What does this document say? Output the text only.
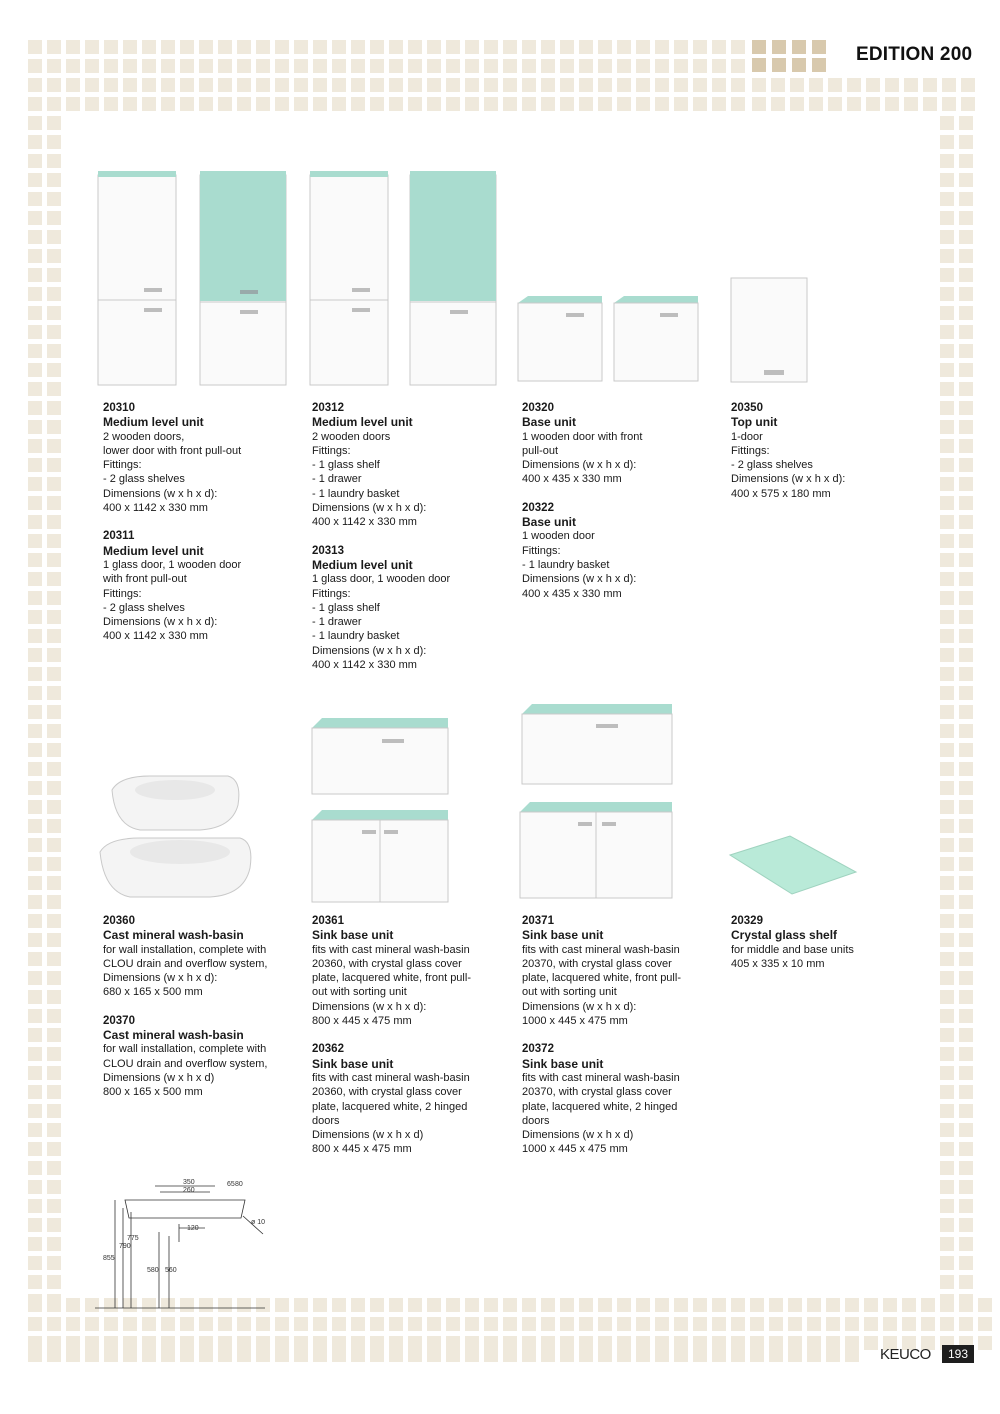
EDITION 200
20310
Medium level unit
2 wooden doors,
lower door with front pull-out
Fittings:
- 2 glass shelves
Dimensions (w x h x d):
400 x 1142 x 330 mm
20311
Medium level unit
1 glass door, 1 wooden door
with front pull-out
Fittings:
- 2 glass shelves
Dimensions (w x h x d):
400 x 1142 x 330 mm
20312
Medium level unit
2 wooden doors
Fittings:
- 1 glass shelf
- 1 drawer
- 1 laundry basket
Dimensions (w x h x d):
400 x 1142 x 330 mm
20313
Medium level unit
1 glass door, 1 wooden door
Fittings:
- 1 glass shelf
- 1 drawer
- 1 laundry basket
Dimensions (w x h x d):
400 x 1142 x 330 mm
20320
Base unit
1 wooden door with front
pull-out
Dimensions (w x h x d):
400 x 435 x 330 mm
20322
Base unit
1 wooden door
Fittings:
- 1 laundry basket
Dimensions (w x h x d):
400 x 435 x 330 mm
20350
Top unit
1-door
Fittings:
- 2 glass shelves
Dimensions (w x h x d):
400 x 575 x 180 mm
20360
Cast mineral wash-basin
for wall installation, complete with
CLOU drain and overflow system,
Dimensions (w x h x d):
680 x 165 x 500 mm
20370
Cast mineral wash-basin
for wall installation, complete with
CLOU drain and overflow system,
Dimensions (w x h x d)
800 x 165 x 500 mm
20361
Sink base unit
fits with cast mineral wash-basin
20360, with crystal glass cover
plate, lacquered white, front pull-
out with sorting unit
Dimensions (w x h x d):
800 x 445 x 475 mm
20362
Sink base unit
fits with cast mineral wash-basin
20360, with crystal glass cover
plate, lacquered white, 2 hinged
doors
Dimensions (w x h x d)
800 x 445 x 475 mm
20371
Sink base unit
fits with cast mineral wash-basin
20370, with crystal glass cover
plate, lacquered white, front pull-
out with sorting unit
Dimensions (w x h x d):
1000 x 445 x 475 mm
20372
Sink base unit
fits with cast mineral wash-basin
20370, with crystal glass cover
plate, lacquered white, 2 hinged
doors
Dimensions (w x h x d)
1000 x 445 x 475 mm
20329
Crystal glass shelf
for middle and base units
405 x 335 x 10 mm
350
260
65 80
120
ø 10
855
790
775
580 560
KEUCO	193
